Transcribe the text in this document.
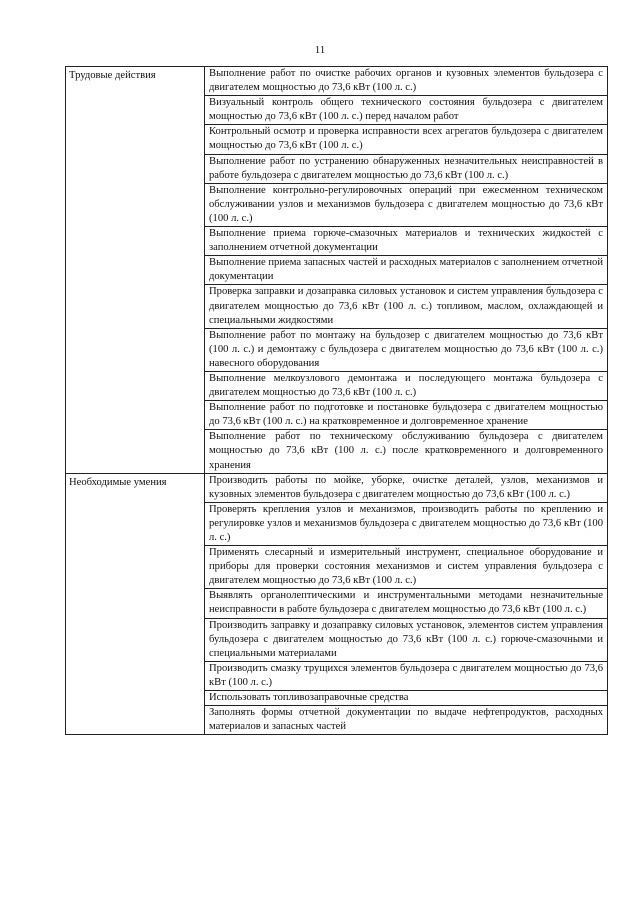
11
Трудовые действия	Выполнение работ по очистке рабочих органов и кузовных элементов бульдозера с двигателем мощностью до 73,6 кВт (100 л. с.)
	Визуальный контроль общего технического состояния бульдозера с двигателем мощностью до 73,6 кВт (100 л. с.) перед началом работ
	Контрольный осмотр и проверка исправности всех агрегатов бульдозера с двигателем мощностью до 73,6 кВт (100 л. с.)
	Выполнение работ по устранению обнаруженных незначительных неисправностей в работе бульдозера с двигателем мощностью до 73,6 кВт (100 л. с.)
	Выполнение контрольно-регулировочных операций при ежесменном техническом обслуживании узлов и механизмов бульдозера с двигателем мощностью до 73,6 кВт (100 л. с.)
	Выполнение приема горюче-смазочных материалов и технических жидкостей с заполнением отчетной документации
	Выполнение приема запасных частей и расходных материалов с заполнением отчетной документации
	Проверка заправки и дозаправка силовых установок и систем управления бульдозера с двигателем мощностью до 73,6 кВт (100 л. с.) топливом, маслом, охлаждающей и специальными жидкостями
	Выполнение работ по монтажу на бульдозер с двигателем мощностью до 73,6 кВт (100 л. с.) и демонтажу с бульдозера с двигателем мощностью до 73,6 кВт (100 л. с.) навесного оборудования
	Выполнение мелкоузлового демонтажа и последующего монтажа бульдозера с двигателем мощностью до 73,6 кВт (100 л. с.)
	Выполнение работ по подготовке и постановке бульдозера с двигателем мощностью до 73,6 кВт (100 л. с.) на кратковременное и долговременное хранение
	Выполнение работ по техническому обслуживанию бульдозера с двигателем мощностью до 73,6 кВт (100 л. с.) после кратковременного и долговременного хранения
Необходимые умения	Производить работы по мойке, уборке, очистке деталей, узлов, механизмов и кузовных элементов бульдозера с двигателем мощностью до 73,6 кВт (100 л. с.)
	Проверять крепления узлов и механизмов, производить работы по креплению и регулировке узлов и механизмов бульдозера с двигателем мощностью до 73,6 кВт (100 л. с.)
	Применять слесарный и измерительный инструмент, специальное оборудование и приборы для проверки состояния механизмов и систем управления бульдозера с двигателем мощностью до 73,6 кВт (100 л. с.)
	Выявлять органолептическими и инструментальными методами незначительные неисправности в работе бульдозера с двигателем мощностью до 73,6 кВт (100 л. с.)
	Производить заправку и дозаправку силовых установок, элементов систем управления бульдозера с двигателем мощностью до 73,6 кВт (100 л. с.) горюче-смазочными и специальными материалами
	Производить смазку трущихся элементов бульдозера с двигателем мощностью до 73,6 кВт (100 л. с.)
	Использовать топливозаправочные средства
	Заполнять формы отчетной документации по выдаче нефтепродуктов, расходных материалов и запасных частей
